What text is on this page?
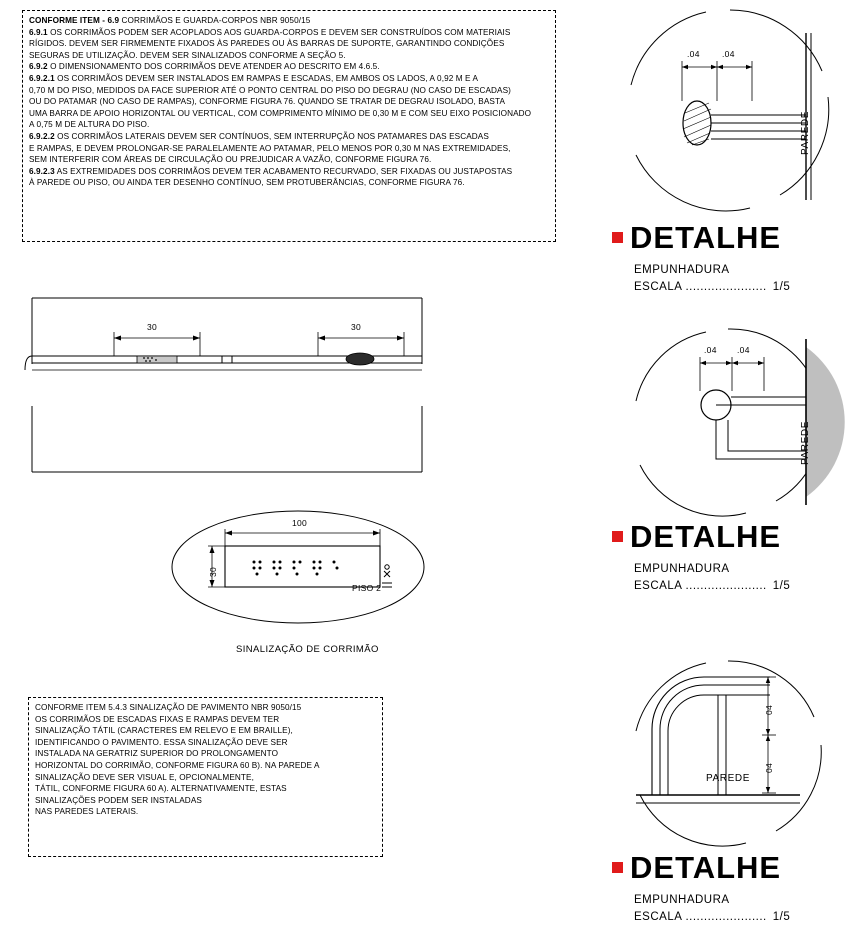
CONFORME ITEM - 6.9 CORRIMÃOS E GUARDA-CORPOS NBR 9050/15
6.9.1 OS CORRIMÃOS PODEM SER ACOPLADOS AOS GUARDA-CORPOS E DEVEM SER CONSTRUÍDOS COM MATERIAIS
RÍGIDOS. DEVEM SER FIRMEMENTE FIXADOS ÀS PAREDES OU ÀS BARRAS DE SUPORTE, GARANTINDO CONDIÇÕES
SEGURAS DE UTILIZAÇÃO. DEVEM SER SINALIZADOS CONFORME A SEÇÃO 5.
6.9.2 O DIMENSIONAMENTO DOS CORRIMÃOS DEVE ATENDER AO DESCRITO EM 4.6.5.
6.9.2.1 OS CORRIMÃOS DEVEM SER INSTALADOS EM RAMPAS E ESCADAS, EM AMBOS OS LADOS, A 0,92 M E A
0,70 M DO PISO, MEDIDOS DA FACE SUPERIOR ATÉ O PONTO CENTRAL DO PISO DO DEGRAU (NO CASO DE ESCADAS)
OU DO PATAMAR (NO CASO DE RAMPAS), CONFORME FIGURA 76. QUANDO SE TRATAR DE DEGRAU ISOLADO, BASTA
UMA BARRA DE APOIO HORIZONTAL OU VERTICAL, COM COMPRIMENTO MÍNIMO DE 0,30 M E COM SEU EIXO POSICIONADO
A 0,75 M DE ALTURA DO PISO.
6.9.2.2 OS CORRIMÃOS LATERAIS DEVEM SER CONTÍNUOS, SEM INTERRUPÇÃO NOS PATAMARES DAS ESCADAS
E RAMPAS, E DEVEM PROLONGAR-SE PARALELAMENTE AO PATAMAR, PELO MENOS POR 0,30 M NAS EXTREMIDADES,
SEM INTERFERIR COM ÁREAS DE CIRCULAÇÃO OU PREJUDICAR A VAZÃO, CONFORME FIGURA 76.
6.9.2.3 AS EXTREMIDADES DOS CORRIMÃOS DEVEM TER ACABAMENTO RECURVADO, SER FIXADAS OU JUSTAPOSTAS
À PAREDE OU PISO, OU AINDA TER DESENHO CONTÍNUO, SEM PROTUBERÂNCIAS, CONFORME FIGURA 76.
30	30
100
30
PISO 2
SINALIZAÇÃO DE CORRIMÃO
CONFORME ITEM 5.4.3 SINALIZAÇÃO DE PAVIMENTO NBR 9050/15
OS CORRIMÃOS DE ESCADAS FIXAS E RAMPAS DEVEM TER
SINALIZAÇÃO TÁTIL (CARACTERES EM RELEVO E EM BRAILLE),
IDENTIFICANDO O PAVIMENTO. ESSA SINALIZAÇÃO DEVE SER
INSTALADA NA GERATRIZ SUPERIOR DO PROLONGAMENTO
HORIZONTAL DO CORRIMÃO, CONFORME FIGURA 60 B). NA PAREDE A
SINALIZAÇÃO DEVE SER VISUAL E, OPCIONALMENTE,
TÁTIL, CONFORME FIGURA 60 A). ALTERNATIVAMENTE, ESTAS
SINALIZAÇÕES PODEM SER INSTALADAS
NAS PAREDES LATERAIS.
.04	.04
PAREDE
DETALHE
EMPUNHADURA
ESCALA ...................... 1/5
.04 .04
PAREDE
DETALHE
EMPUNHADURA
ESCALA ...................... 1/5
04
04
PAREDE
DETALHE
EMPUNHADURA
ESCALA ...................... 1/5
